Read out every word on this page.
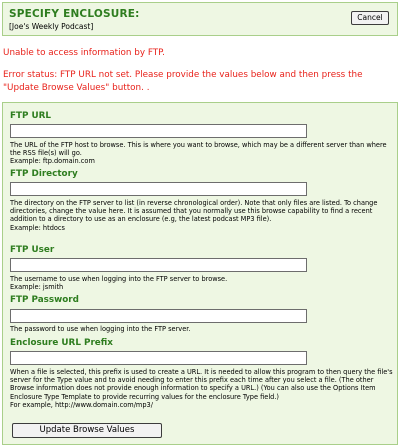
SPECIFY ENCLOSURE:
[Joe's Weekly Podcast]
Cancel
Unable to access information by FTP.
Error status: FTP URL not set. Please provide the values below and then press the "Update Browse Values" button. .
FTP URL
The URL of the FTP host to browse. This is where you want to browse, which may be a different server than where the RSS file(s) will go.
Example: ftp.domain.com
FTP Directory
The directory on the FTP server to list (in reverse chronological order). Note that only files are listed. To change directories, change the value here. It is assumed that you normally use this browse capability to find a recent addition to a directory to use as an enclosure (e.g, the latest podcast MP3 file).
Example: htdocs
FTP User
The username to use when logging into the FTP server to browse.
Example: jsmith
FTP Password
The password to use when logging into the FTP server.
Enclosure URL Prefix
When a file is selected, this prefix is used to create a URL. It is needed to allow this program to then query the file's server for the Type value and to avoid needing to enter this prefix each time after you select a file. (The other Browse information does not provide enough information to specify a URL.) (You can also use the Options Item Enclosure Type Template to provide recurring values for the enclosure Type field.)
For example, http://www.domain.com/mp3/
Update Browse Values
